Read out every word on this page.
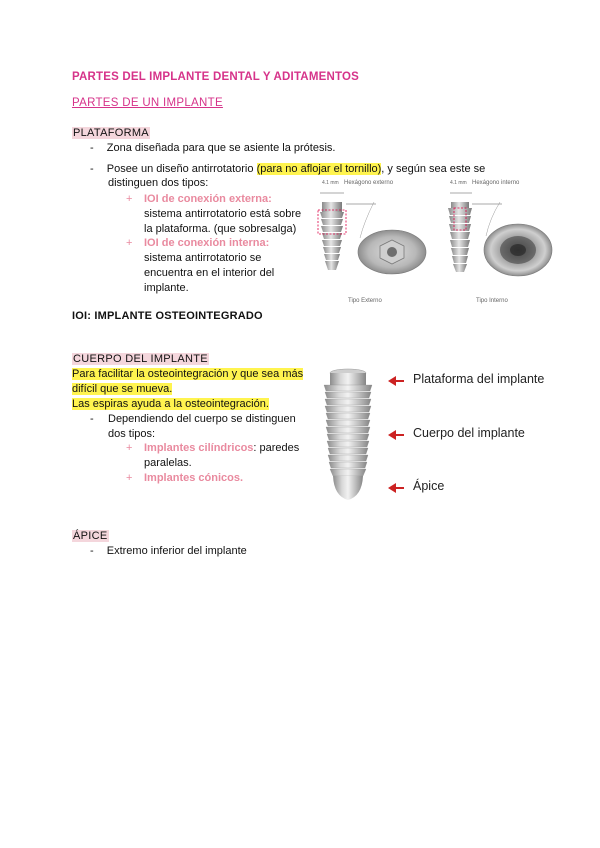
PARTES DEL IMPLANTE DENTAL Y ADITAMENTOS
PARTES DE UN IMPLANTE
PLATAFORMA
- Zona diseñada para que se asiente la prótesis.
- Posee un diseño antirrotatorio (para no aflojar el tornillo), y según sea este se
distinguen dos tipos:
+ IOI de conexión externa:
sistema antirrotatorio está sobre
la plataforma. (que sobresalga)
+ IOI de conexión interna:
sistema antirrotatorio se
encuentra en el interior del
implante.
Hexágono externo
4.1 mm
Tipo Externo
Hexágono interno
4.1 mm
Tipo Interno
IOI: IMPLANTE OSTEOINTEGRADO
CUERPO DEL IMPLANTE
Para facilitar la osteointegración y que sea más
difícil que se mueva.
Las espiras ayuda a la osteointegración.
- Dependiendo del cuerpo se distinguen
dos tipos:
+ Implantes cilíndricos: paredes
paralelas.
+ Implantes cónicos.
Plataforma del implante
Cuerpo del implante
Ápice
ÁPICE
- Extremo inferior del implante
